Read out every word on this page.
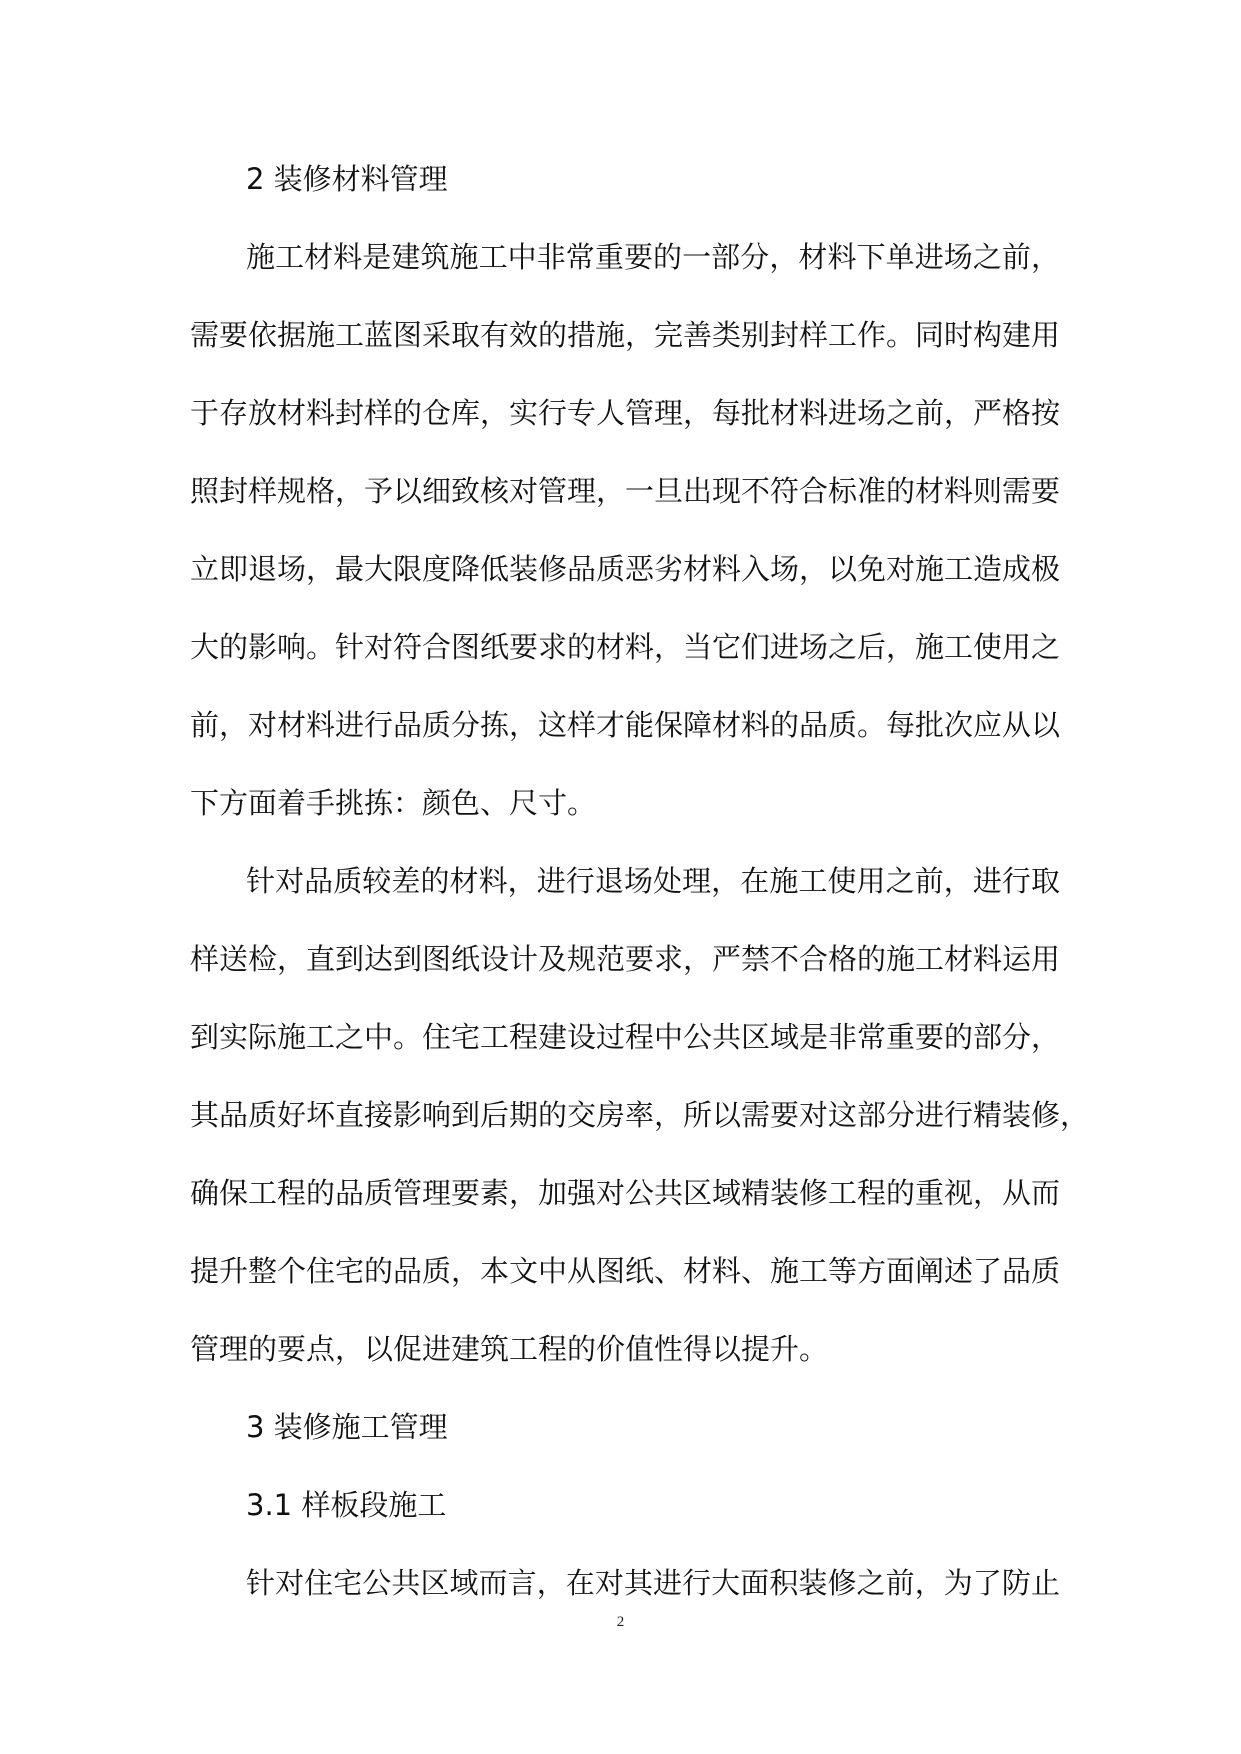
2 装修材料管理
施工材料是建筑施工中非常重要的一部分，材料下单进场之前，
需要依据施工蓝图采取有效的措施，完善类别封样工作。同时构建用
于存放材料封样的仓库，实行专人管理，每批材料进场之前，严格按
照封样规格，予以细致核对管理，一旦出现不符合标准的材料则需要
立即退场，最大限度降低装修品质恶劣材料入场，以免对施工造成极
大的影响。针对符合图纸要求的材料，当它们进场之后，施工使用之
前，对材料进行品质分拣，这样才能保障材料的品质。每批次应从以
下方面着手挑拣：颜色、尺寸。
针对品质较差的材料，进行退场处理，在施工使用之前，进行取
样送检，直到达到图纸设计及规范要求，严禁不合格的施工材料运用
到实际施工之中。住宅工程建设过程中公共区域是非常重要的部分，
其品质好坏直接影响到后期的交房率，所以需要对这部分进行精装修，
确保工程的品质管理要素，加强对公共区域精装修工程的重视，从而
提升整个住宅的品质，本文中从图纸、材料、施工等方面阐述了品质
管理的要点，以促进建筑工程的价值性得以提升。
3 装修施工管理
3.1 样板段施工
针对住宅公共区域而言，在对其进行大面积装修之前，为了防止
2
